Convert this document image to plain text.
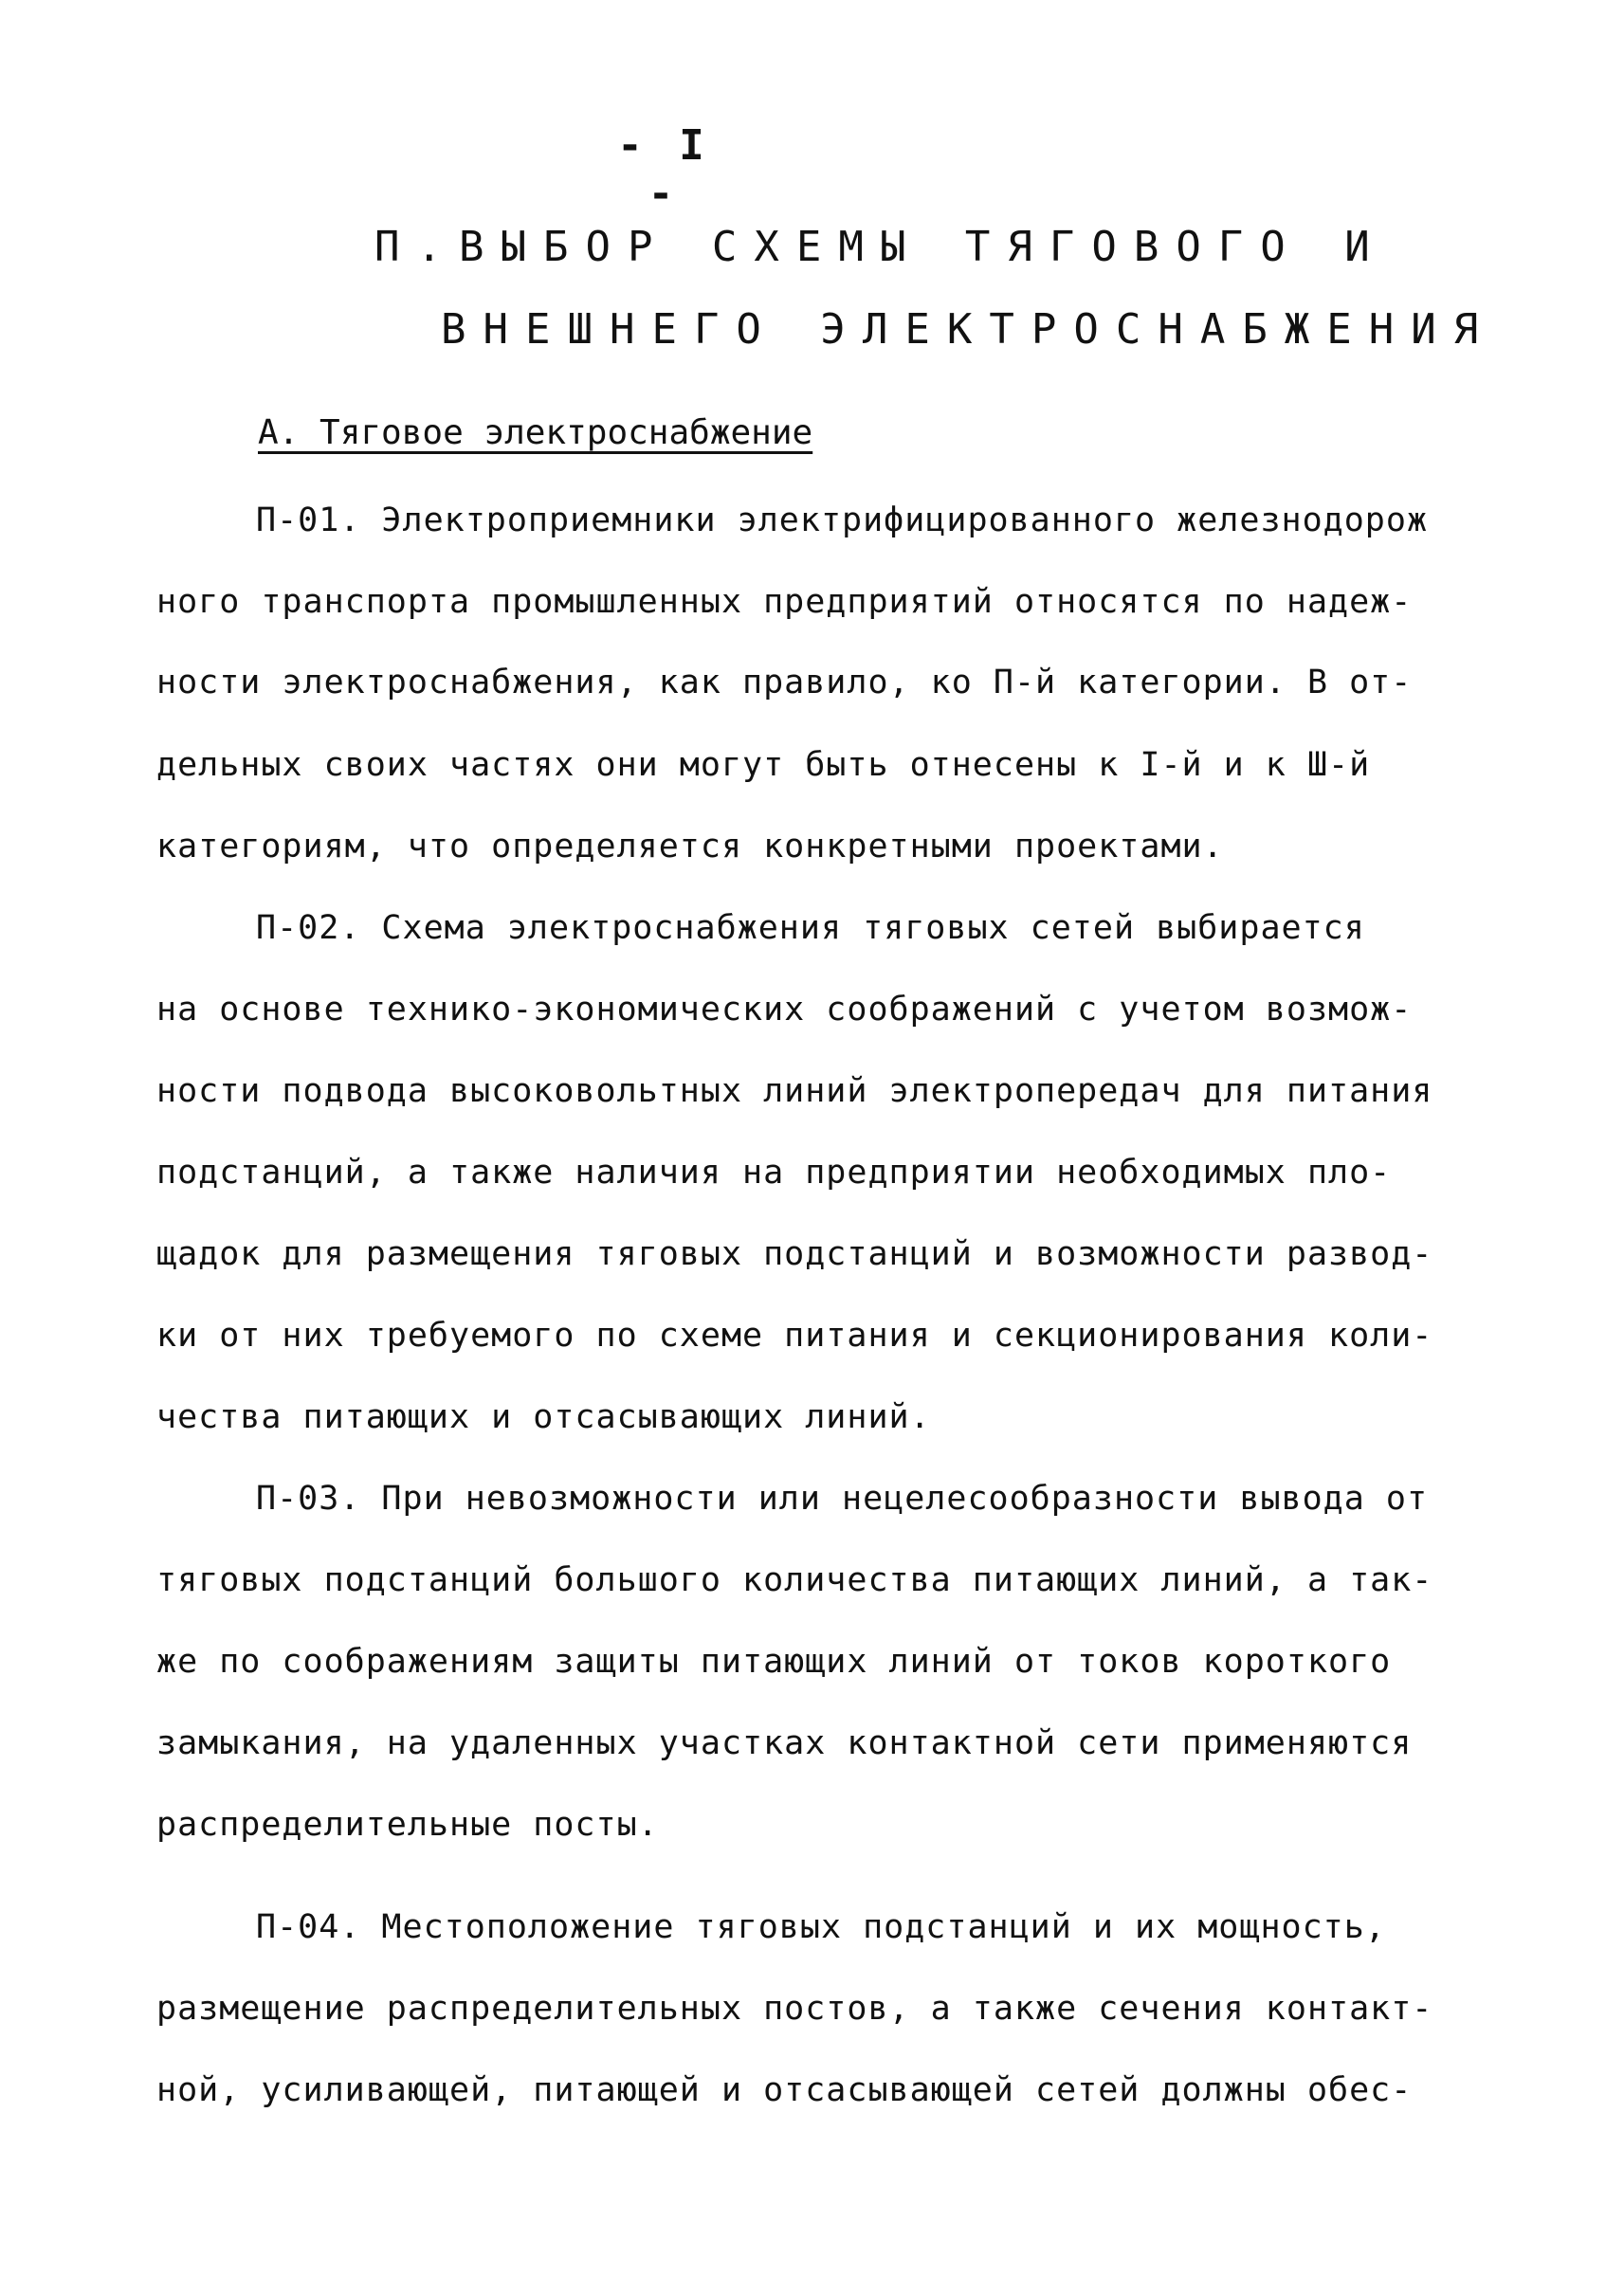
- I -
П.ВЫБОР СХЕМЫ ТЯГОВОГО И
ВНЕШНЕГО ЭЛЕКТРОСНАБЖЕНИЯ
А. Тяговое электроснабжение
П-01. Электроприемники электрифицированного железнодорож
ного транспорта промышленных предприятий относятся по надеж-
ности электроснабжения, как правило, ко П-й категории. В от-
дельных своих частях они могут быть отнесены к I-й и к Ш-й
категориям, что определяется конкретными проектами.
П-02. Схема электроснабжения тяговых сетей выбирается
на основе технико-экономических соображений с учетом возмож-
ности подвода высоковольтных линий электропередач для питания
подстанций, а также наличия на предприятии необходимых пло-
щадок для размещения тяговых подстанций и возможности развод-
ки от них требуемого по схеме питания и секционирования коли-
чества питающих и отсасывающих линий.
П-03. При невозможности или нецелесообразности вывода от
тяговых подстанций большого количества питающих линий, а так-
же по соображениям защиты питающих линий от токов короткого
замыкания, на удаленных участках контактной сети применяются
распределительные посты.
П-04. Местоположение тяговых подстанций и их мощность,
размещение распределительных постов, а также сечения контакт-
ной, усиливающей, питающей и отсасывающей сетей должны обес-
